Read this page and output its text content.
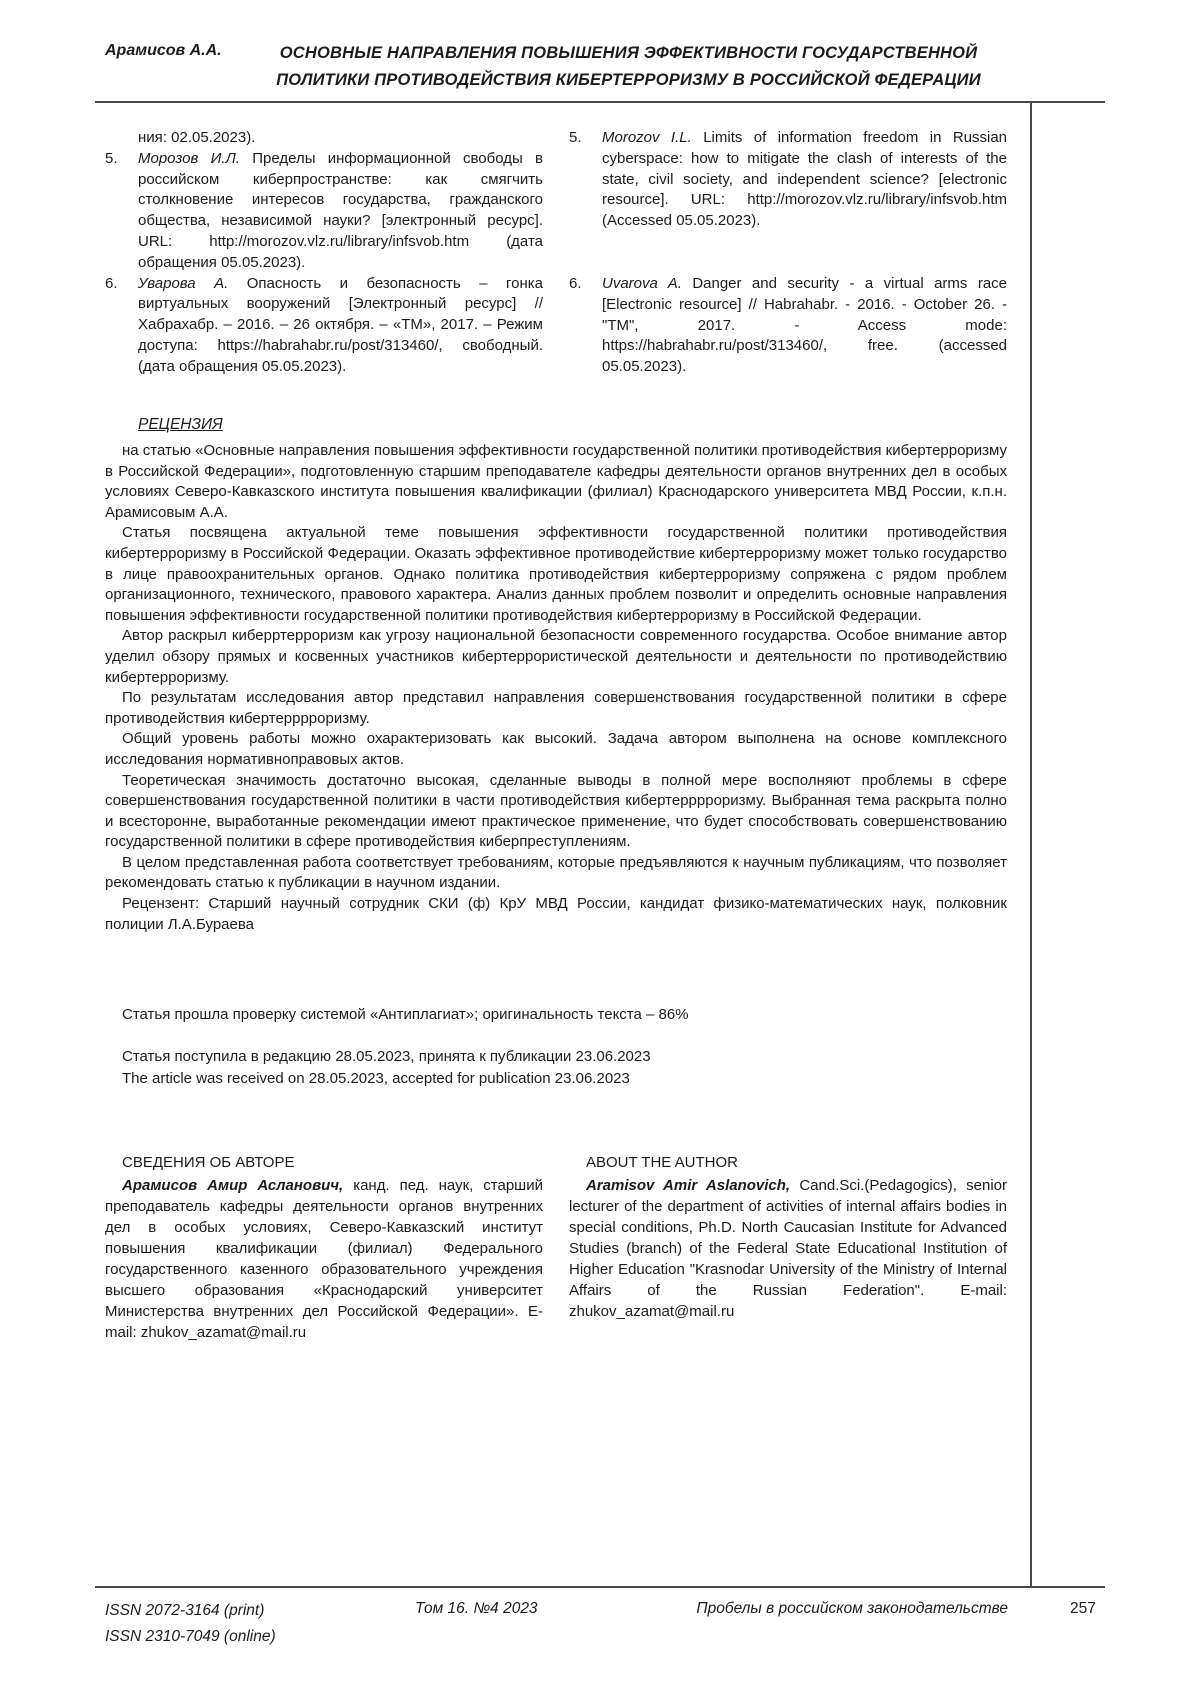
Арамисов А.А.	ОСНОВНЫЕ НАПРАВЛЕНИЯ ПОВЫШЕНИЯ ЭФФЕКТИВНОСТИ ГОСУДАРСТВЕННОЙ
ПОЛИТИКИ ПРОТИВОДЕЙСТВИЯ КИБЕРТЕРРОРИЗМУ В РОССИЙСКОЙ ФЕДЕРАЦИИ
ния: 02.05.2023).
5.	Морозов И.Л. Пределы информационной свободы в российском киберпространстве: как смягчить столкновение интересов государства, гражданского общества, независимой науки? [электронный ресурс]. URL: http://morozov.vlz.ru/library/infsvob.htm (дата обращения 05.05.2023).
6.	Уварова А. Опасность и безопасность – гонка виртуальных вооружений [Электронный ресурс] // Хабрахабр. – 2016. – 26 октября. – «ТМ», 2017. – Режим доступа: https://habrahabr.ru/post/313460/, свободный. (дата обращения 05.05.2023).
5.	Morozov I.L. Limits of information freedom in Russian cyberspace: how to mitigate the clash of interests of the state, civil society, and independent science? [electronic resource]. URL: http://morozov.vlz.ru/library/infsvob.htm (Accessed 05.05.2023).
6.	Uvarova A. Danger and security - a virtual arms race [Electronic resource] // Habrahabr. - 2016. - October 26. - "TM", 2017. - Access mode: https://habrahabr.ru/post/313460/, free. (accessed 05.05.2023).
РЕЦЕНЗИЯ

на статью «Основные направления повышения эффективности государственной политики противодействия кибертерроризму в Российской Федерации», подготовленную старшим преподавателе кафедры деятельности органов внутренних дел в особых условиях Северо-Кавказского института повышения квалификации (филиал) Краснодарского университета МВД России, к.п.н. Арамисовым А.А.

Статья посвящена актуальной теме повышения эффективности государственной политики противодействия кибертерроризму в Российской Федерации. Оказать эффективное противодействие кибертерроризму может только государство в лице правоохранительных органов. Однако политика противодействия кибертерроризму сопряжена с рядом проблем организационного, технического, правового характера. Анализ данных проблем позволит и определить основные направления повышения эффективности государственной политики противодействия кибертерроризму в Российской Федерации.

Автор раскрыл киберртерроризм как угрозу национальной безопасности современного государства. Особое внимание автор уделил обзору прямых и косвенных участников кибертеррористической деятельности и деятельности по противодействию кибертерроризму.

По результатам исследования автор представил направления совершенствования государственной политики в сфере противодействия кибертерррроризму.

Общий уровень работы можно охарактеризовать как высокий. Задача автором выполнена на основе комплексного исследования нормативноправовых актов.

Теоретическая значимость достаточно высокая, сделанные выводы в полной мере восполняют проблемы в сфере совершенствования государственной политики в части противодействия кибертерррроризму. Выбранная тема раскрыта полно и всесторонне, выработанные рекомендации имеют практическое применение, что будет способствовать совершенствованию государственной политики в сфере противодействия киберпреступлениям.

В целом представленная работа соответствует требованиям, которые предъявляются к научным публикациям, что позволяет рекомендовать статью к публикации в научном издании.

Рецензент: Старший научный сотрудник СКИ (ф) КрУ МВД России, кандидат физико-математических наук, полковник полиции Л.А.Бураева

Статья прошла проверку системой «Антиплагиат»; оригинальность текста – 86%
Статья поступила в редакцию 28.05.2023, принята к публикации 23.06.2023
The article was received on 28.05.2023, accepted for publication 23.06.2023
СВЕДЕНИЯ ОБ АВТОРЕ

Арамисов Амир Асланович, канд. пед. наук, старший преподаватель кафедры деятельности органов внутренних дел в особых условиях, Северо-Кавказский институт повышения квалификации (филиал) Федерального государственного казенного образовательного учреждения высшего образования «Краснодарский университет Министерства внутренних дел Российской Федерации». E-mail: zhukov_azamat@mail.ru

ABOUT THE AUTHOR

Aramisov Amir Aslanovich, Cand.Sci.(Pedagogics), senior lecturer of the department of activities of internal affairs bodies in special conditions, Ph.D. North Caucasian Institute for Advanced Studies (branch) of the Federal State Educational Institution of Higher Education "Krasnodar University of the Ministry of Internal Affairs of the Russian Federation". E-mail: zhukov_azamat@mail.ru

ISSN 2072-3164 (print)
ISSN 2310-7049 (online)
Том 16. №4 2023	Пробелы в российском законодательстве	257
